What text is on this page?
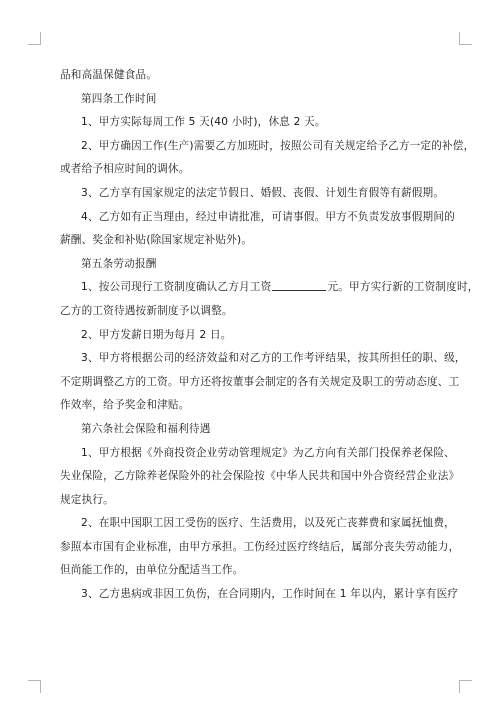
品和高温保健食品。
第四条工作时间
1、甲方实际每周工作 5 天(40 小时)，休息 2 天。
2、甲方确因工作(生产)需要乙方加班时，按照公司有关规定给予乙方一定的补偿，
或者给予相应时间的调休。
3、乙方享有国家规定的法定节假日、婚假、丧假、计划生育假等有薪假期。
4、乙方如有正当理由，经过申请批准，可请事假。甲方不负责发放事假期间的
薪酬、奖金和补贴(除国家规定补贴外)。
第五条劳动报酬
1、按公司现行工资制度确认乙方月工资	元。甲方实行新的工资制度时，
乙方的工资待遇按新制度予以调整。
2、甲方发薪日期为每月 2 日。
3、甲方将根据公司的经济效益和对乙方的工作考评结果，按其所担任的职、级，
不定期调整乙方的工资。甲方还将按董事会制定的各有关规定及职工的劳动态度、工
作效率，给予奖金和津贴。
第六条社会保险和福利待遇
1、甲方根据《外商投资企业劳动管理规定》为乙方向有关部门投保养老保险、
失业保险，乙方除养老保险外的社会保险按《中华人民共和国中外合资经营企业法》
规定执行。
2、在职中国职工因工受伤的医疗、生活费用，以及死亡丧葬费和家属抚恤费，
参照本市国有企业标准，由甲方承担。工伤经过医疗终结后，属部分丧失劳动能力，
但尚能工作的，由单位分配适当工作。
3、乙方患病或非因工负伤，在合同期内，工作时间在 1 年以内，累计享有医疗
